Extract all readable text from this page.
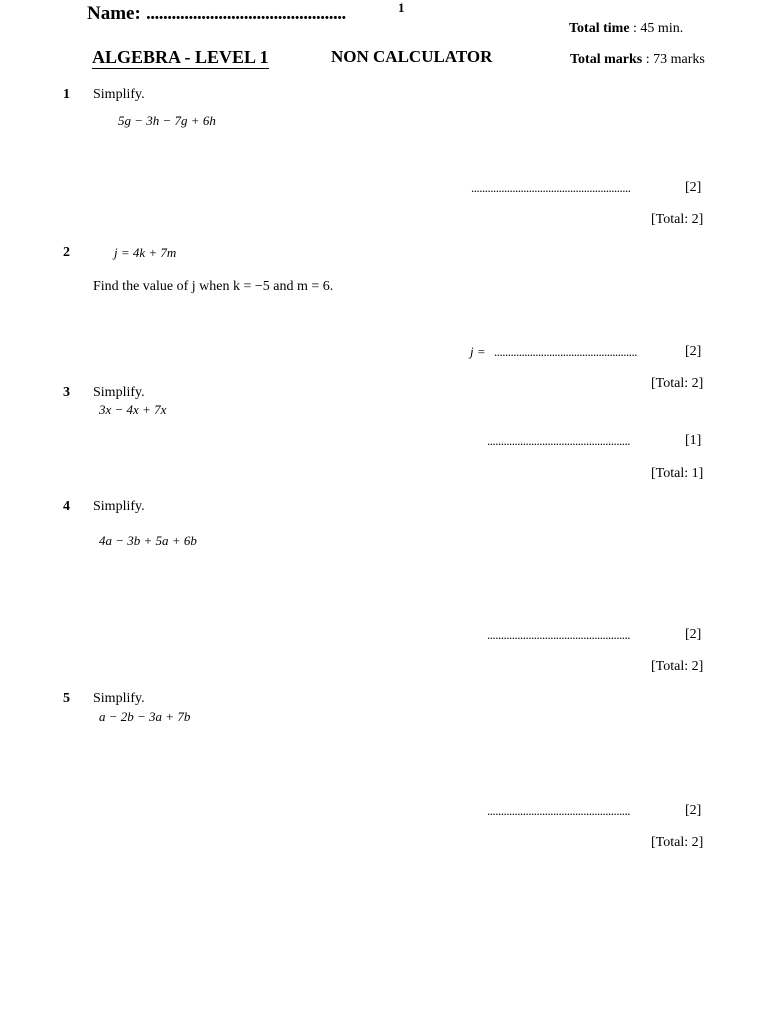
1
Name: ...............................................
Total time : 45 min.
Total marks : 73 marks
ALGEBRA - LEVEL 1	NON CALCULATOR
1 Simplify.
5g − 3h − 7g + 6h
..........................................................	[2]
[Total: 2]
2	j = 4k + 7m
Find the value of j when k = −5 and m = 6.
j = ....................................................	[2]
[Total: 2]
3 Simplify.
3x − 4x + 7x
....................................................	[1]
[Total: 1]
4 Simplify.
4a − 3b + 5a + 6b
....................................................	[2]
[Total: 2]
5 Simplify.
a − 2b − 3a + 7b
....................................................	[2]
[Total: 2]
